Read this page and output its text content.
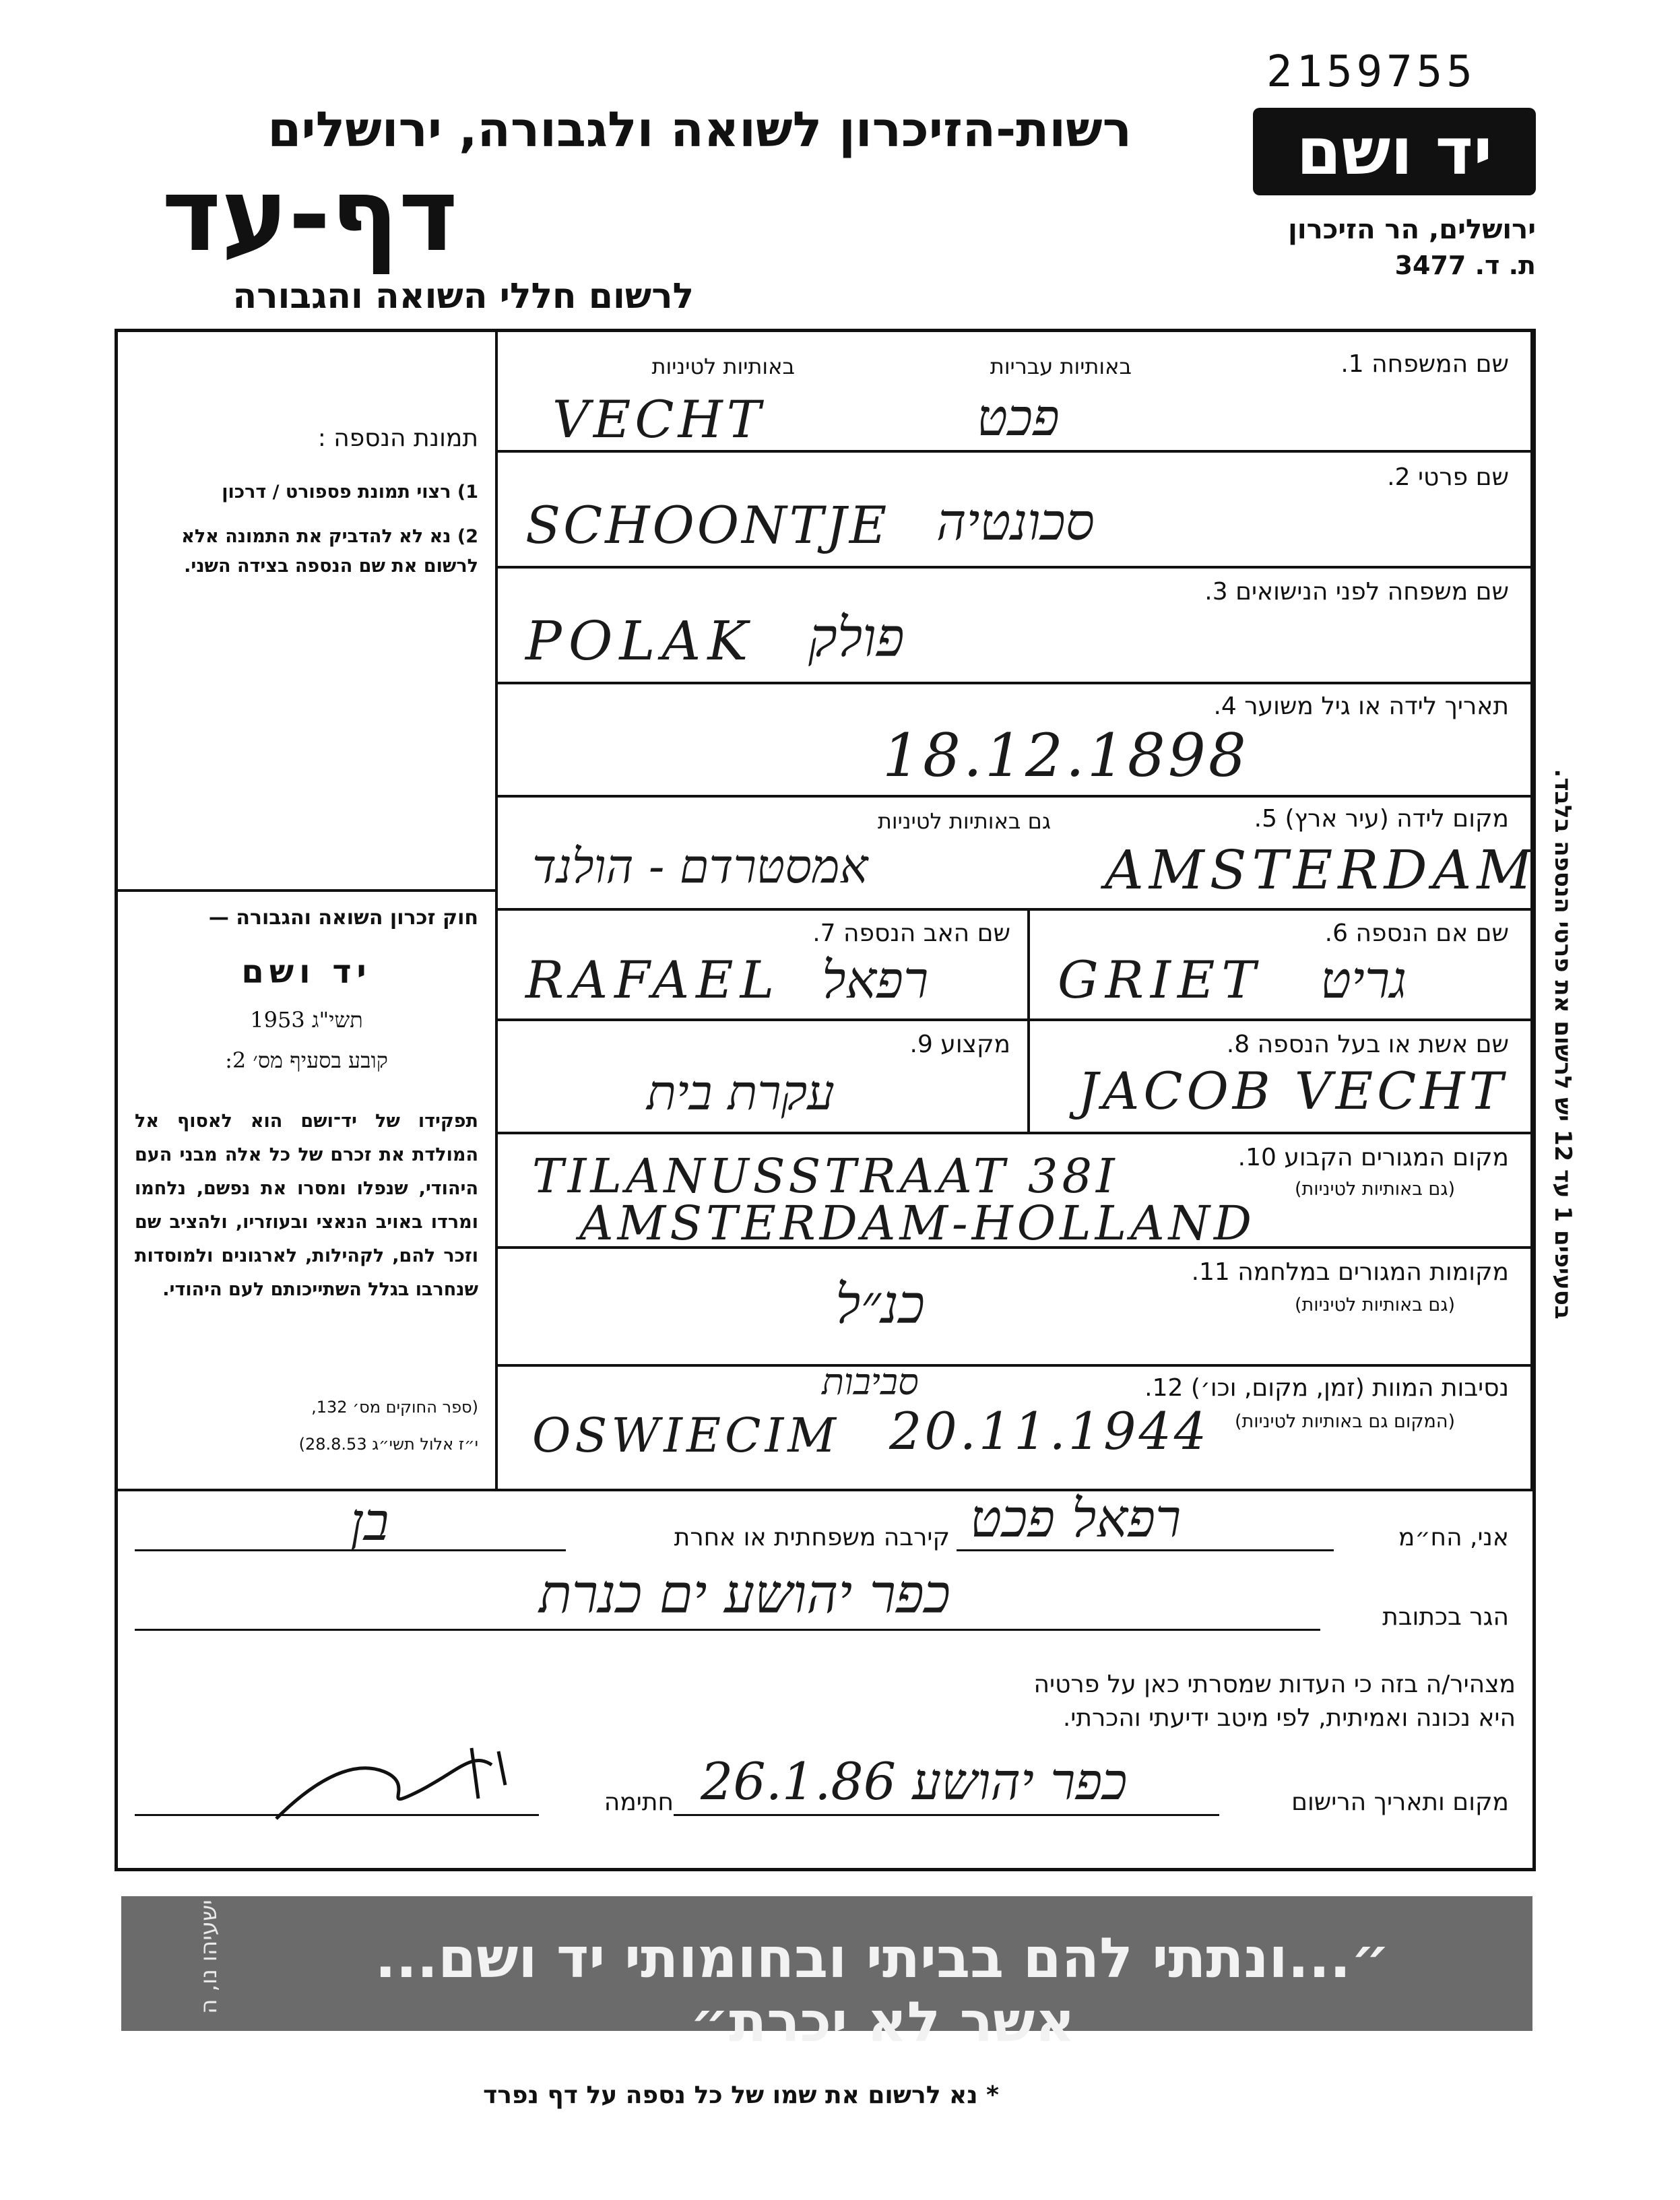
2159755
יד ושם
ירושלים, הר הזיכרון
ת. ד. 3477
רשות-הזיכרון לשואה ולגבורה, ירושלים
דף-עד
לרשום חללי השואה והגבורה
תמונת הנספה :
1) רצוי תמונת פספורט / דרכון
2) נא לא להדביק את התמונה אלא לרשום את שם הנספה בצידה השני.
חוק זכרון השואה והגבורה —
יד ושם
תשי"ג 1953
קובע בסעיף מס׳ 2:
תפקידו של יד־ושם הוא לאסוף אל המולדת את זכרם של כל אלה מבני העם היהודי, שנפלו ומסרו את נפשם, נלחמו ומרדו באויב הנאצי ובעוזריו, ולהציב שם וזכר להם, לקהילות, לארגונים ולמוסדות שנחרבו בגלל השתייכותם לעם היהודי.
(ספר החוקים מס׳ 132,
י״ז אלול תשי״ג 28.8.53)
בסעיפים 1 עד 12 יש לרשום את פרטי הנספה בלבד.
שם המשפחה 1.
באותיות עבריות
באותיות לטיניות
VECHT	פכט
שם פרטי 2.
SCHOONTJE סכונטיה
שם משפחה לפני הנישואים 3.
POLAK פולק
תאריך לידה או גיל משוער 4.
18.12.1898
מקום לידה (עיר ארץ) 5.
גם באותיות לטיניות
AMSTERDAM
אמסטרדם - הולנד
שם אם הנספה 6.
GRIET גריט
שם האב הנספה 7.
RAFAEL רפאל
שם אשת או בעל הנספה 8.
JACOB VECHT
מקצוע 9.
עקרת בית
מקום המגורים הקבוע 10.
(גם באותיות לטיניות)
TILANUSSTRAAT 38I
AMSTERDAM-HOLLAND
מקומות המגורים במלחמה 11.
(גם באותיות לטיניות)
כנ״ל
נסיבות המוות (זמן, מקום, וכו׳) 12.
(המקום גם באותיות לטיניות)
OSWIECIM 20.11.1944
סביבות
אני, הח״מ
רפאל פכט
קירבה משפחתית או אחרת
בן
הגר בכתובת
כפר יהושע ים כנרת
מצהיר/ה בזה כי העדות שמסרתי כאן על פרטיה
היא נכונה ואמיתית, לפי מיטב ידיעתי והכרתי.
מקום ותאריך הרישום
כפר יהושע 26.1.86
חתימה
״...ונתתי להם בביתי ובחומותי יד ושם... אשר לא יכרת״
ישעיהו נו, ה
* נא לרשום את שמו של כל נספה על דף נפרד
